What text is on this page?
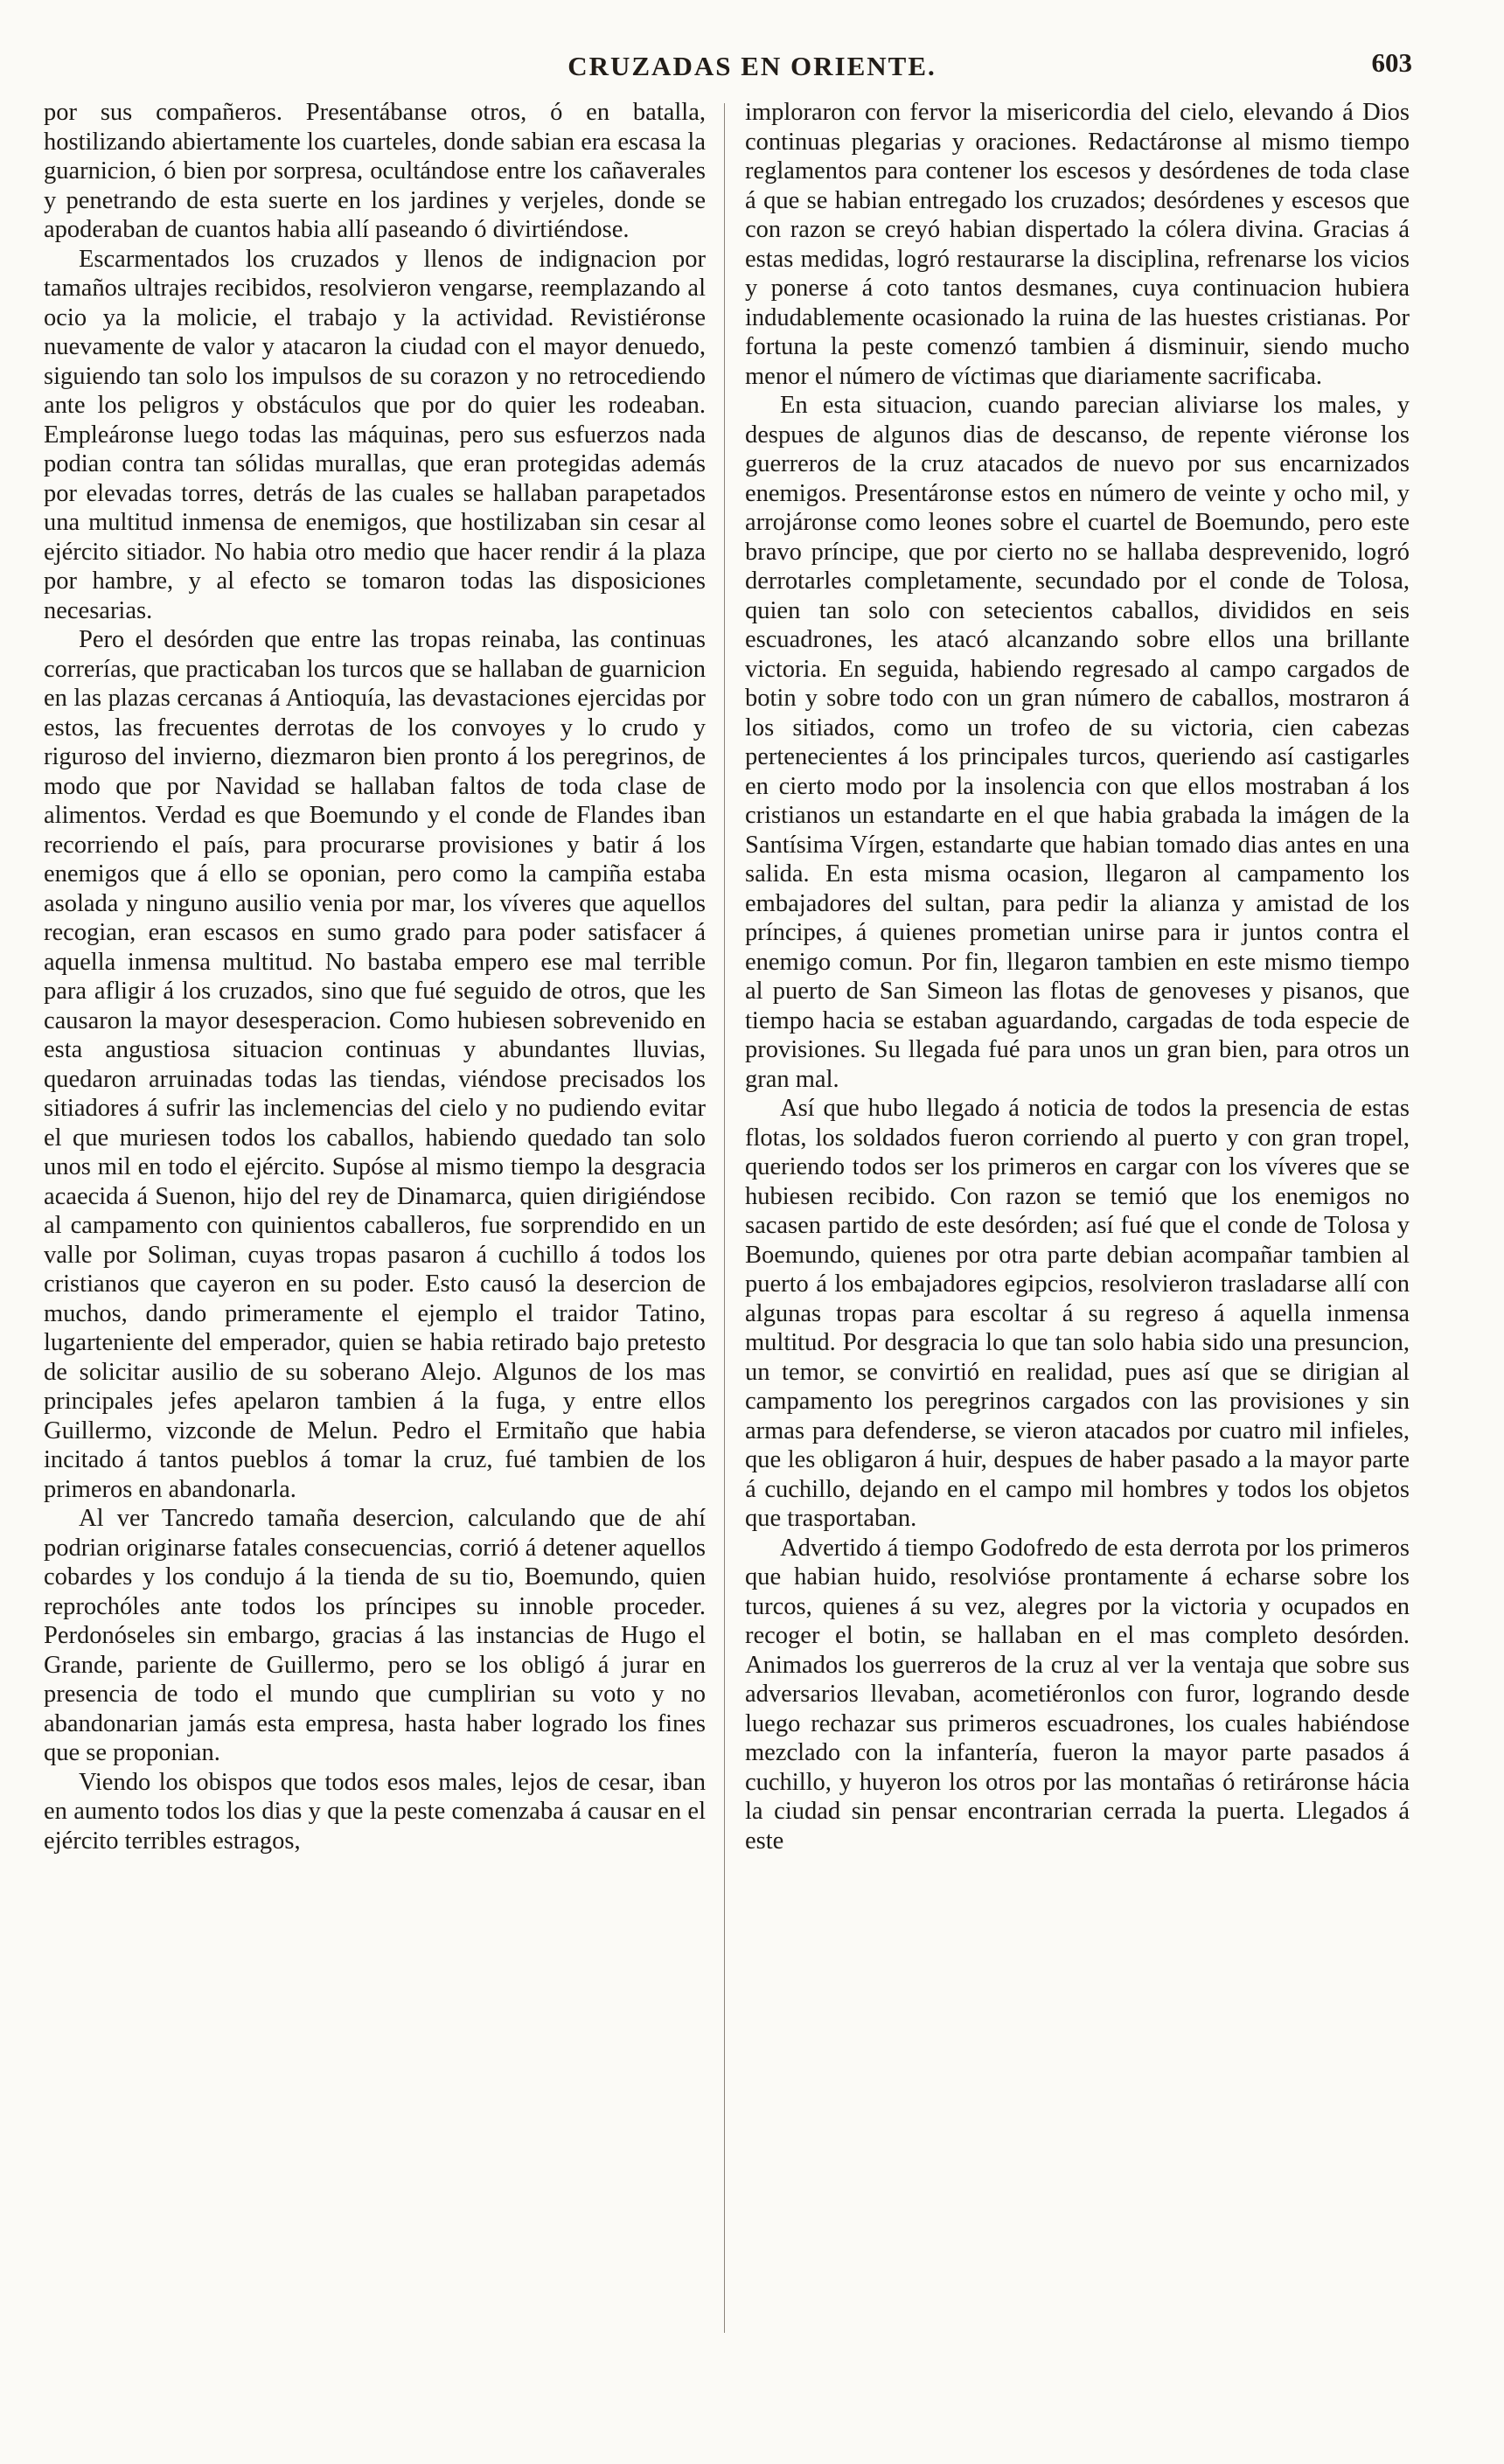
CRUZADAS EN ORIENTE.	603

por sus compañeros. Presentábanse otros, ó en batalla, hostilizando abiertamente los cuarteles, donde sabian era escasa la guarnicion, ó bien por sorpresa, ocultándose entre los cañaverales y penetrando de esta suerte en los jardines y verjeles, donde se apoderaban de cuantos habia allí paseando ó divirtiéndose.

Escarmentados los cruzados y llenos de indignacion por tamaños ultrajes recibidos, resolvieron vengarse, reemplazando al ocio ya la molicie, el trabajo y la actividad. Revistiéronse nuevamente de valor y atacaron la ciudad con el mayor denuedo, siguiendo tan solo los impulsos de su corazon y no retrocediendo ante los peligros y obstáculos que por do quier les rodeaban. Empleáronse luego todas las máquinas, pero sus esfuerzos nada podian contra tan sólidas murallas, que eran protegidas además por elevadas torres, detrás de las cuales se hallaban parapetados una multitud inmensa de enemigos, que hostilizaban sin cesar al ejército sitiador. No habia otro medio que hacer rendir á la plaza por hambre, y al efecto se tomaron todas las disposiciones necesarias.

Pero el desórden que entre las tropas reinaba, las continuas correrías, que practicaban los turcos que se hallaban de guarnicion en las plazas cercanas á Antioquía, las devastaciones ejercidas por estos, las frecuentes derrotas de los convoyes y lo crudo y riguroso del invierno, diezmaron bien pronto á los peregrinos, de modo que por Navidad se hallaban faltos de toda clase de alimentos. Verdad es que Boemundo y el conde de Flandes iban recorriendo el país, para procurarse provisiones y batir á los enemigos que á ello se oponian, pero como la campiña estaba asolada y ninguno ausilio venia por mar, los víveres que aquellos recogian, eran escasos en sumo grado para poder satisfacer á aquella inmensa multitud. No bastaba empero ese mal terrible para afligir á los cruzados, sino que fué seguido de otros, que les causaron la mayor desesperacion. Como hubiesen sobrevenido en esta angustiosa situacion continuas y abundantes lluvias, quedaron arruinadas todas las tiendas, viéndose precisados los sitiadores á sufrir las inclemencias del cielo y no pudiendo evitar el que muriesen todos los caballos, habiendo quedado tan solo unos mil en todo el ejército. Supóse al mismo tiempo la desgracia acaecida á Suenon, hijo del rey de Dinamarca, quien dirigiéndose al campamento con quinientos caballeros, fue sorprendido en un valle por Soliman, cuyas tropas pasaron á cuchillo á todos los cristianos que cayeron en su poder. Esto causó la desercion de muchos, dando primeramente el ejemplo el traidor Tatino, lugarteniente del emperador, quien se habia retirado bajo pretesto de solicitar ausilio de su soberano Alejo. Algunos de los mas principales jefes apelaron tambien á la fuga, y entre ellos Guillermo, vizconde de Melun. Pedro el Ermitaño que habia incitado á tantos pueblos á tomar la cruz, fué tambien de los primeros en abandonarla.

Al ver Tancredo tamaña desercion, calculando que de ahí podrian originarse fatales consecuencias, corrió á detener aquellos cobardes y los condujo á la tienda de su tio, Boemundo, quien reprochóles ante todos los príncipes su innoble proceder. Perdonóseles sin embargo, gracias á las instancias de Hugo el Grande, pariente de Guillermo, pero se los obligó á jurar en presencia de todo el mundo que cumplirian su voto y no abandonarian jamás esta empresa, hasta haber logrado los fines que se proponian.

Viendo los obispos que todos esos males, lejos de cesar, iban en aumento todos los dias y que la peste comenzaba á causar en el ejército terribles estragos,

imploraron con fervor la misericordia del cielo, elevando á Dios continuas plegarias y oraciones. Redactáronse al mismo tiempo reglamentos para contener los escesos y desórdenes de toda clase á que se habian entregado los cruzados; desórdenes y escesos que con razon se creyó habian dispertado la cólera divina. Gracias á estas medidas, logró restaurarse la disciplina, refrenarse los vicios y ponerse á coto tantos desmanes, cuya continuacion hubiera indudablemente ocasionado la ruina de las huestes cristianas. Por fortuna la peste comenzó tambien á disminuir, siendo mucho menor el número de víctimas que diariamente sacrificaba.

En esta situacion, cuando parecian aliviarse los males, y despues de algunos dias de descanso, de repente viéronse los guerreros de la cruz atacados de nuevo por sus encarnizados enemigos. Presentáronse estos en número de veinte y ocho mil, y arrojáronse como leones sobre el cuartel de Boemundo, pero este bravo príncipe, que por cierto no se hallaba desprevenido, logró derrotarles completamente, secundado por el conde de Tolosa, quien tan solo con setecientos caballos, divididos en seis escuadrones, les atacó alcanzando sobre ellos una brillante victoria. En seguida, habiendo regresado al campo cargados de botin y sobre todo con un gran número de caballos, mostraron á los sitiados, como un trofeo de su victoria, cien cabezas pertenecientes á los principales turcos, queriendo así castigarles en cierto modo por la insolencia con que ellos mostraban á los cristianos un estandarte en el que habia grabada la imágen de la Santísima Vírgen, estandarte que habian tomado dias antes en una salida. En esta misma ocasion, llegaron al campamento los embajadores del sultan, para pedir la alianza y amistad de los príncipes, á quienes prometian unirse para ir juntos contra el enemigo comun. Por fin, llegaron tambien en este mismo tiempo al puerto de San Simeon las flotas de genoveses y pisanos, que tiempo hacia se estaban aguardando, cargadas de toda especie de provisiones. Su llegada fué para unos un gran bien, para otros un gran mal.

Así que hubo llegado á noticia de todos la presencia de estas flotas, los soldados fueron corriendo al puerto y con gran tropel, queriendo todos ser los primeros en cargar con los víveres que se hubiesen recibido. Con razon se temió que los enemigos no sacasen partido de este desórden; así fué que el conde de Tolosa y Boemundo, quienes por otra parte debian acompañar tambien al puerto á los embajadores egipcios, resolvieron trasladarse allí con algunas tropas para escoltar á su regreso á aquella inmensa multitud. Por desgracia lo que tan solo habia sido una presuncion, un temor, se convirtió en realidad, pues así que se dirigian al campamento los peregrinos cargados con las provisiones y sin armas para defenderse, se vieron atacados por cuatro mil infieles, que les obligaron á huir, despues de haber pasado a la mayor parte á cuchillo, dejando en el campo mil hombres y todos los objetos que trasportaban.

Advertido á tiempo Godofredo de esta derrota por los primeros que habian huido, resolvióse prontamente á echarse sobre los turcos, quienes á su vez, alegres por la victoria y ocupados en recoger el botin, se hallaban en el mas completo desórden. Animados los guerreros de la cruz al ver la ventaja que sobre sus adversarios llevaban, acometiéronlos con furor, logrando desde luego rechazar sus primeros escuadrones, los cuales habiéndose mezclado con la infantería, fueron la mayor parte pasados á cuchillo, y huyeron los otros por las montañas ó retiráronse hácia la ciudad sin pensar encontrarian cerrada la puerta. Llegados á este
